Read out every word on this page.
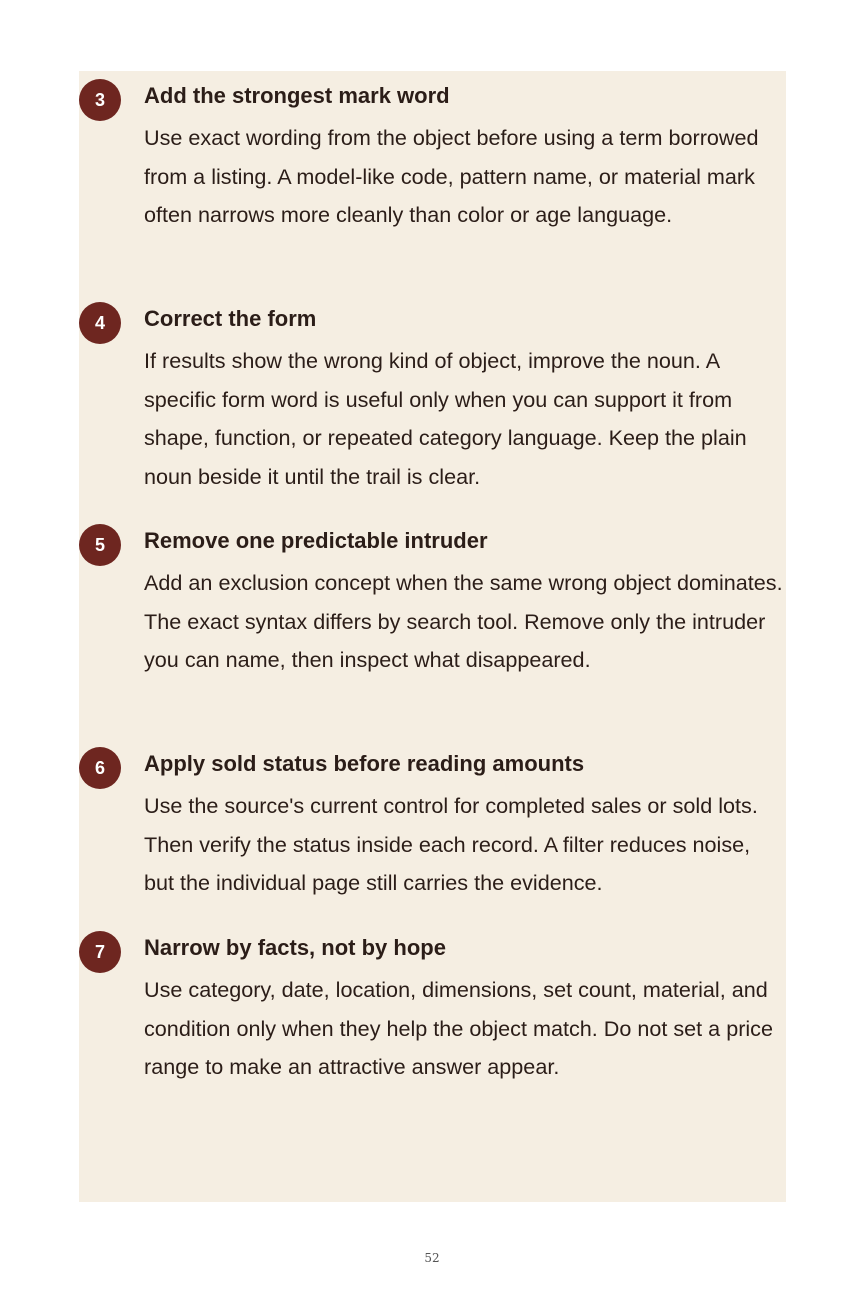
3	Add the strongest mark word

Use exact wording from the object before using a term borrowed from a listing. A model-like code, pattern name, or material mark often narrows more cleanly than color or age language.

4	Correct the form

If results show the wrong kind of object, improve the noun. A specific form word is useful only when you can support it from shape, function, or repeated category language. Keep the plain noun beside it until the trail is clear.

5	Remove one predictable intruder

Add an exclusion concept when the same wrong object dominates. The exact syntax differs by search tool. Remove only the intruder you can name, then inspect what disappeared.

6	Apply sold status before reading amounts

Use the source's current control for completed sales or sold lots. Then verify the status inside each record. A filter reduces noise, but the individual page still carries the evidence.

7	Narrow by facts, not by hope

Use category, date, location, dimensions, set count, material, and condition only when they help the object match. Do not set a price range to make an attractive answer appear.

52
